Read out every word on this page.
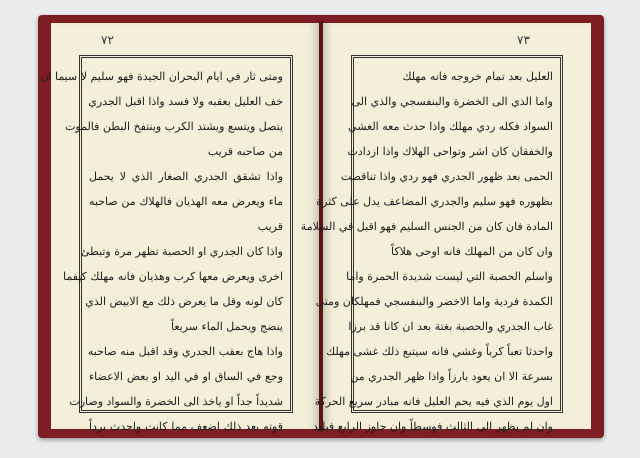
٧٢
ومتى ثار في ايام البحران الجيدة فهو سليم لا سيما ان
خف العليل بعقبه ولا فسد واذا اقبل الجدري
يتصل ويتسع ويشتد الكرب وينتفخ البطن فالموت
من صاحبه قريب
واذا تشقق الجدري الصغار الذي لا يحمل
ماء ويعرض معه الهذيان فالهلاك من صاحبه
قريب
واذا كان الجدري او الحصبة تظهر مرة وتبطئ
اخرى ويعرض معها كرب وهذيان فانه مهلك كيفما
كان لونه وقل ما يعرض ذلك مع الابيض الذي
ينضج ويحمل الماء سريعاً
واذا هاج بعقب الجدري وقد اقبل منه صاحبه
وجع في الساق او في اليد او بعض الاعضاء
شديداً جداً او ياخذ الى الخضرة والسواد وصارت
قوته بعد ذلك اضعف مما كانت واحدث برداً
٧٣
العليل بعد تمام خروجه فانه مهلك
واما الذي الى الخضرة والبنفسجي والذي الى
السواد فكله ردي مهلك واذا حدث معه الغشي
والخفقان كان اشر وتواحى الهلاك واذا ازدادت
الحمى بعد ظهور الجدري فهو ردي واذا تناقصت
بظهوره فهو سليم والجدري المضاعف يدل على كثرة
المادة فان كان من الجنس السليم فهو اقبل في السلامة
وان كان من المهلك فانه اوحى هلاكاً
واسلم الحصبة التي ليست شديدة الحمرة واما
الكمدة فردية واما الاخضر والبنفسجي فمهلكان ومتى
غاب الجدري والحصبة بغتة بعد ان كانا قد برزا
واحدثا تعباً كرباً وغشي فانه سيتبع ذلك غشى مهلك
بسرعة الا ان يعود بارزاً واذا ظهر الجدري من
اول يوم الذي فيه يحم العليل فانه مبادر سريع الحركة
وان لم يظهر الى الثالث فوسطاً وان جاوز الرابع فبليد
